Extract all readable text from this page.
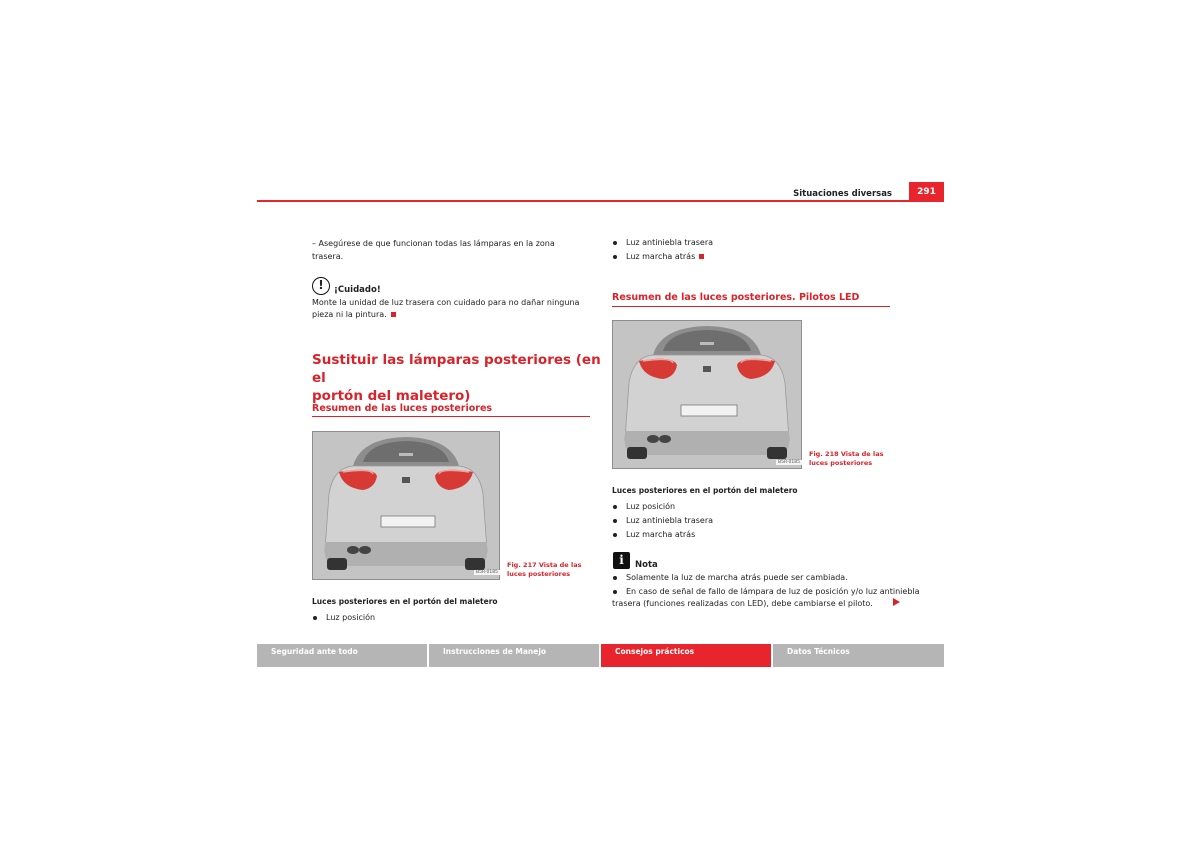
Situaciones diversas	291
– Asegúrese de que funcionan todas las lámparas en la zona trasera.
!	¡Cuidado!
Monte la unidad de luz trasera con cuidado para no dañar ninguna pieza ni la pintura.
Sustituir las lámparas posteriores (en el
portón del maletero)
Resumen de las luces posteriores
B5R-0185
Fig. 217 Vista de las
luces posteriores
Luces posteriores en el portón del maletero
Luz posición
Luz antiniebla trasera
Luz marcha atrás
Resumen de las luces posteriores. Pilotos LED
B5R-0185
Fig. 218 Vista de las
luces posteriores
Luces posteriores en el portón del maletero
Luz posición
Luz antiniebla trasera
Luz marcha atrás
i	Nota
Solamente la luz de marcha atrás puede ser cambiada.
En caso de señal de fallo de lámpara de luz de posición y/o luz antiniebla
trasera (funciones realizadas con LED), debe cambiarse el piloto.
Seguridad ante todo	Instrucciones de Manejo	Consejos prácticos	Datos Técnicos
